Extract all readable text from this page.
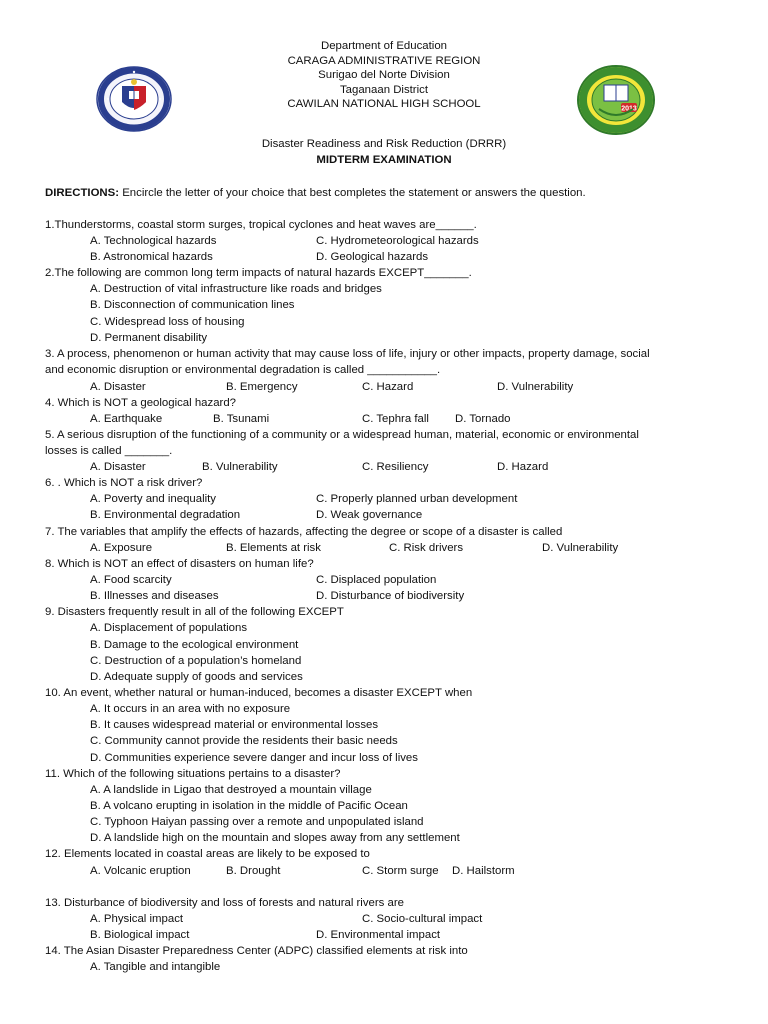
2013
Department of Education
CARAGA ADMINISTRATIVE REGION
Surigao del Norte Division
Taganaan District
CAWILAN NATIONAL HIGH SCHOOL
Disaster Readiness and Risk Reduction (DRRR)
MIDTERM EXAMINATION
DIRECTIONS: Encircle the letter of your choice that best completes the statement or answers the question.
1.Thunderstorms, coastal storm surges, tropical cyclones and heat waves are______.
A. Technological hazards	C. Hydrometeorological hazards
B. Astronomical hazards	D. Geological hazards
2.The following are common long term impacts of natural hazards EXCEPT_______.
A. Destruction of vital infrastructure like roads and bridges
B. Disconnection of communication lines
C. Widespread loss of housing
D. Permanent disability
3. A process, phenomenon or human activity that may cause loss of life, injury or other impacts, property damage, social
and economic disruption or environmental degradation is called ___________.
A. Disaster	B. Emergency	C. Hazard	D. Vulnerability
4. Which is NOT a geological hazard?
A. Earthquake	B. Tsunami	C. Tephra fall D. Tornado
5. A serious disruption of the functioning of a community or a widespread human, material, economic or environmental
losses is called _______.
A. Disaster	B. Vulnerability	C. Resiliency	D. Hazard
6. . Which is NOT a risk driver?
A. Poverty and inequality	C. Properly planned urban development
B. Environmental degradation	D. Weak governance
7. The variables that amplify the effects of hazards, affecting the degree or scope of a disaster is called
A. Exposure	B. Elements at risk	C. Risk drivers	D. Vulnerability
8. Which is NOT an effect of disasters on human life?
A. Food scarcity	C. Displaced population
B. Illnesses and diseases	D. Disturbance of biodiversity
9. Disasters frequently result in all of the following EXCEPT
A. Displacement of populations
B. Damage to the ecological environment
C. Destruction of a population’s homeland
D. Adequate supply of goods and services
10. An event, whether natural or human-induced, becomes a disaster EXCEPT when
A. It occurs in an area with no exposure
B. It causes widespread material or environmental losses
C. Community cannot provide the residents their basic needs
D. Communities experience severe danger and incur loss of lives
11. Which of the following situations pertains to a disaster?
A. A landslide in Ligao that destroyed a mountain village
B. A volcano erupting in isolation in the middle of Pacific Ocean
C. Typhoon Haiyan passing over a remote and unpopulated island
D. A landslide high on the mountain and slopes away from any settlement
12. Elements located in coastal areas are likely to be exposed to
A. Volcanic eruption	B. Drought	C. Storm surge D. Hailstorm
13. Disturbance of biodiversity and loss of forests and natural rivers are
A. Physical impact	C. Socio-cultural impact
B. Biological impact	D. Environmental impact
14. The Asian Disaster Preparedness Center (ADPC) classified elements at risk into
A. Tangible and intangible
